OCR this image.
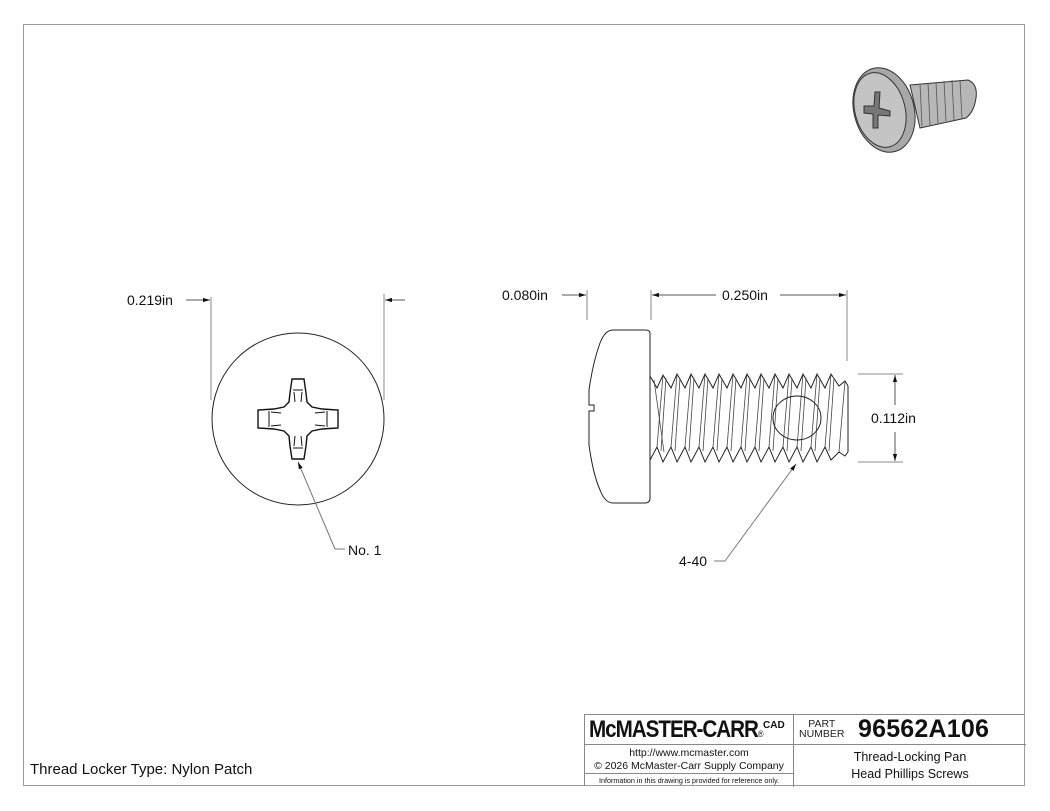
0.219in
No. 1
0.080in	0.250in
0.112in
4-40
Thread Locker Type: Nylon Patch
McMASTER-CARR®
CAD	PART
NUMBER 96562A106
http://www.mcmaster.com
© 2026 McMaster-Carr Supply Company
Information in this drawing is provided for reference only.
Thread-Locking Pan
Head Phillips Screws
